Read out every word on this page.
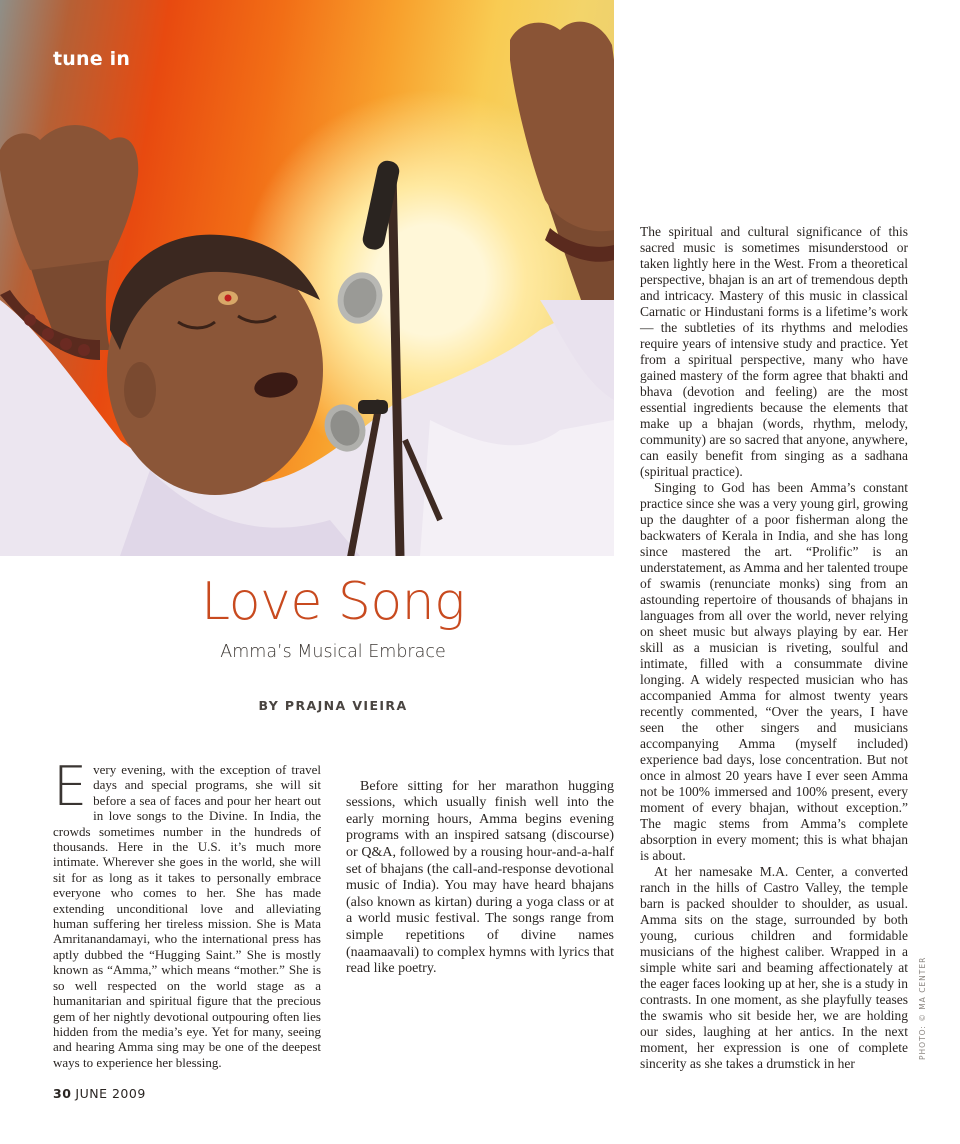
tune in
Love Song
Amma’s Musical Embrace
BY PRAJNA VIEIRA

Every evening, with the exception of travel days and special programs, she will sit before a sea of faces and pour her heart out in love songs to the Divine. In India, the crowds sometimes number in the hundreds of thousands. Here in the U.S. it’s much more intimate. Wherever she goes in the world, she will sit for as long as it takes to personally embrace everyone who comes to her. She has made extending unconditional love and alleviating human suffering her tireless mission. She is Mata Amritanandamayi, who the international press has aptly dubbed the “Hugging Saint.” She is mostly known as “Amma,” which means “mother.” She is so well respected on the world stage as a humanitarian and spiritual figure that the precious gem of her nightly devotional outpouring often lies hidden from the media’s eye. Yet for many, seeing and hearing Amma sing may be one of the deepest ways to experience her blessing.

Before sitting for her marathon hugging sessions, which usually finish well into the early morning hours, Amma begins evening programs with an inspired satsang (discourse) or Q&A, followed by a rousing hour-and-a-half set of bhajans (the call-and-response devotional music of India). You may have heard bhajans (also known as kirtan) during a yoga class or at a world music festival. The songs range from simple repetitions of divine names (naamaavali) to complex hymns with lyrics that read like poetry.

The spiritual and cultural significance of this sacred music is sometimes misunderstood or taken lightly here in the West. From a theoretical perspective, bhajan is an art of tremendous depth and intricacy. Mastery of this music in classical Carnatic or Hindustani forms is a lifetime’s work — the subtleties of its rhythms and melodies require years of intensive study and practice. Yet from a spiritual perspective, many who have gained mastery of the form agree that bhakti and bhava (devotion and feeling) are the most essential ingredients because the elements that make up a bhajan (words, rhythm, melody, community) are so sacred that anyone, anywhere, can easily benefit from singing as a sadhana (spiritual practice).

Singing to God has been Amma’s constant practice since she was a very young girl, growing up the daughter of a poor fisherman along the backwaters of Kerala in India, and she has long since mastered the art. “Prolific” is an understatement, as Amma and her talented troupe of swamis (renunciate monks) sing from an astounding repertoire of thousands of bhajans in languages from all over the world, never relying on sheet music but always playing by ear. Her skill as a musician is riveting, soulful and intimate, filled with a consummate divine longing. A widely respected musician who has accompanied Amma for almost twenty years recently commented, “Over the years, I have seen the other singers and musicians accompanying Amma (myself included) experience bad days, lose concentration. But not once in almost 20 years have I ever seen Amma not be 100% immersed and 100% present, every moment of every bhajan, without exception.” The magic stems from Amma’s complete absorption in every moment; this is what bhajan is about.

At her namesake M.A. Center, a converted ranch in the hills of Castro Valley, the temple barn is packed shoulder to shoulder, as usual. Amma sits on the stage, surrounded by both young, curious children and formidable musicians of the highest caliber. Wrapped in a simple white sari and beaming affectionately at the eager faces looking up at her, she is a study in contrasts. In one moment, as she playfully teases the swamis who sit beside her, we are holding our sides, laughing at her antics. In the next moment, her expression is one of complete sincerity as she takes a drumstick in her

30 JUNE 2009
PHOTO: © MA CENTER
